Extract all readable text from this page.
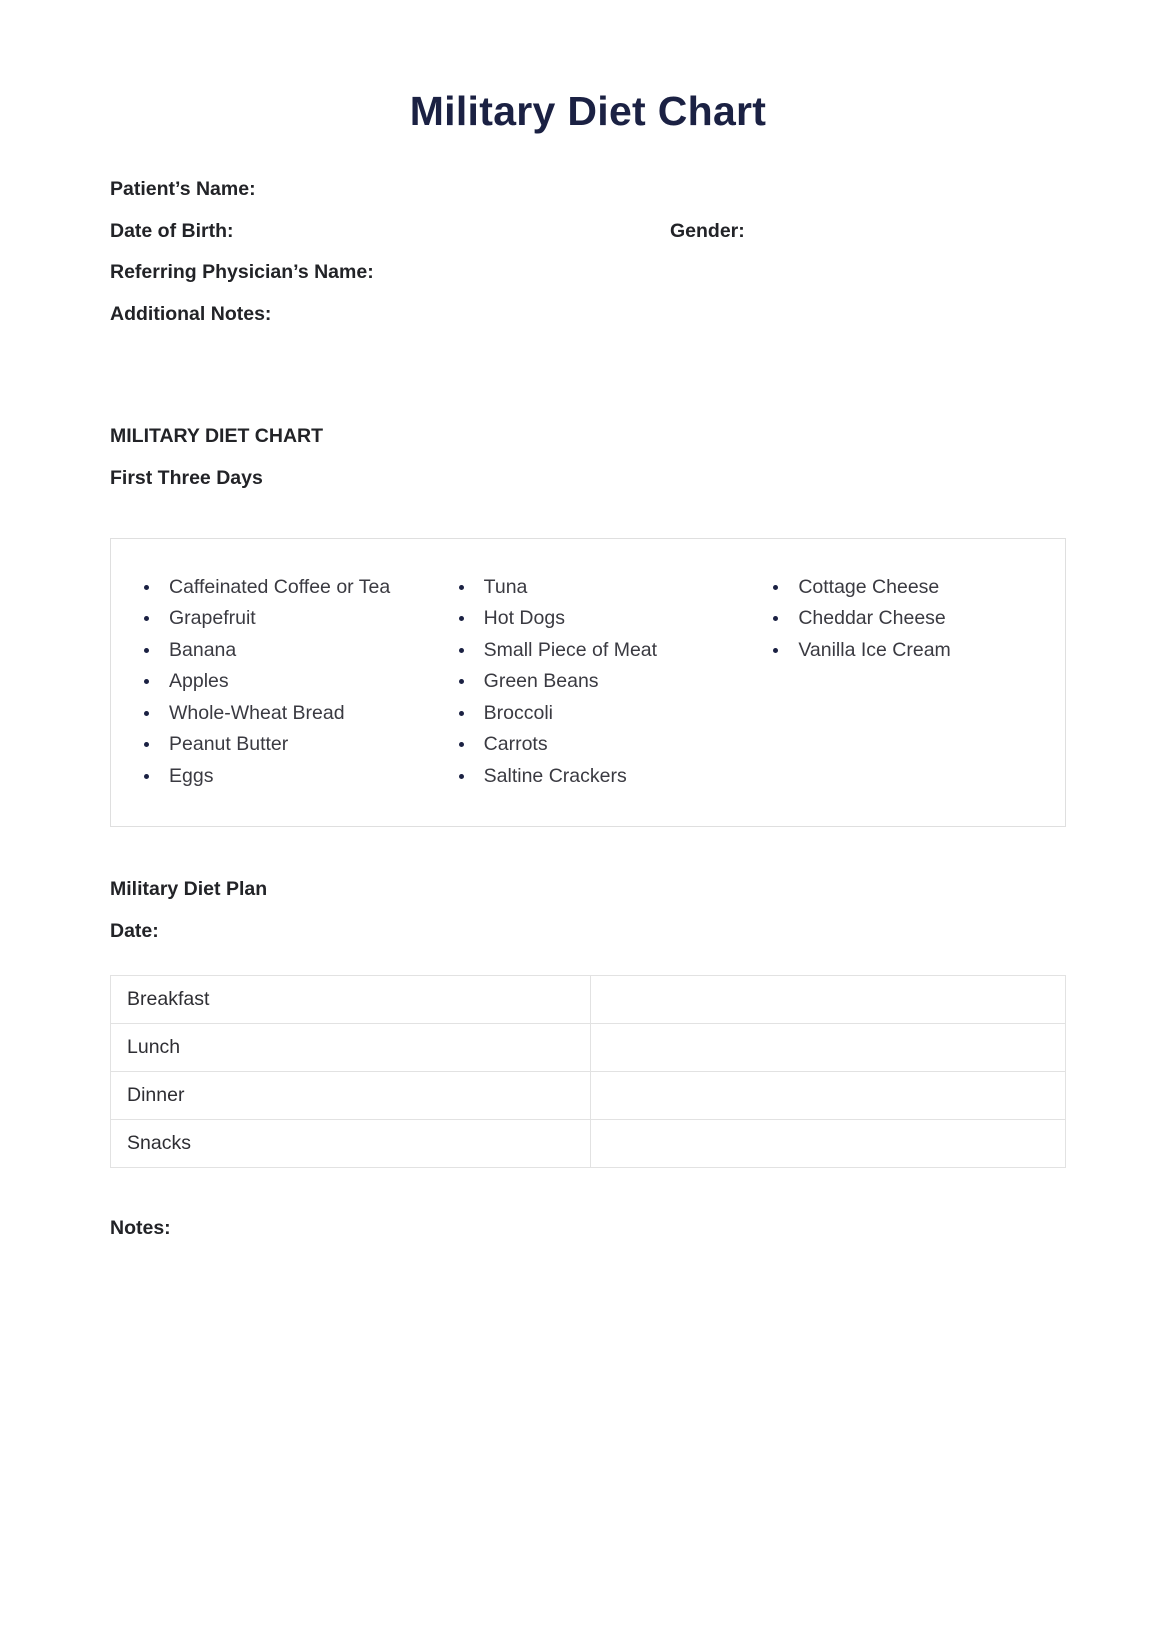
Military Diet Chart
Patient’s Name:
Date of Birth:	Gender:
Referring Physician’s Name:
Additional Notes:
MILITARY DIET CHART
First Three Days
• Caffeinated Coffee or Tea
• Grapefruit
• Banana
• Apples
• Whole-Wheat Bread
• Peanut Butter
• Eggs
• Tuna
• Hot Dogs
• Small Piece of Meat
• Green Beans
• Broccoli
• Carrots
• Saltine Crackers
• Cottage Cheese
• Cheddar Cheese
• Vanilla Ice Cream
Military Diet Plan
Date:
Breakfast	
Lunch	
Dinner	
Snacks	
Notes:
